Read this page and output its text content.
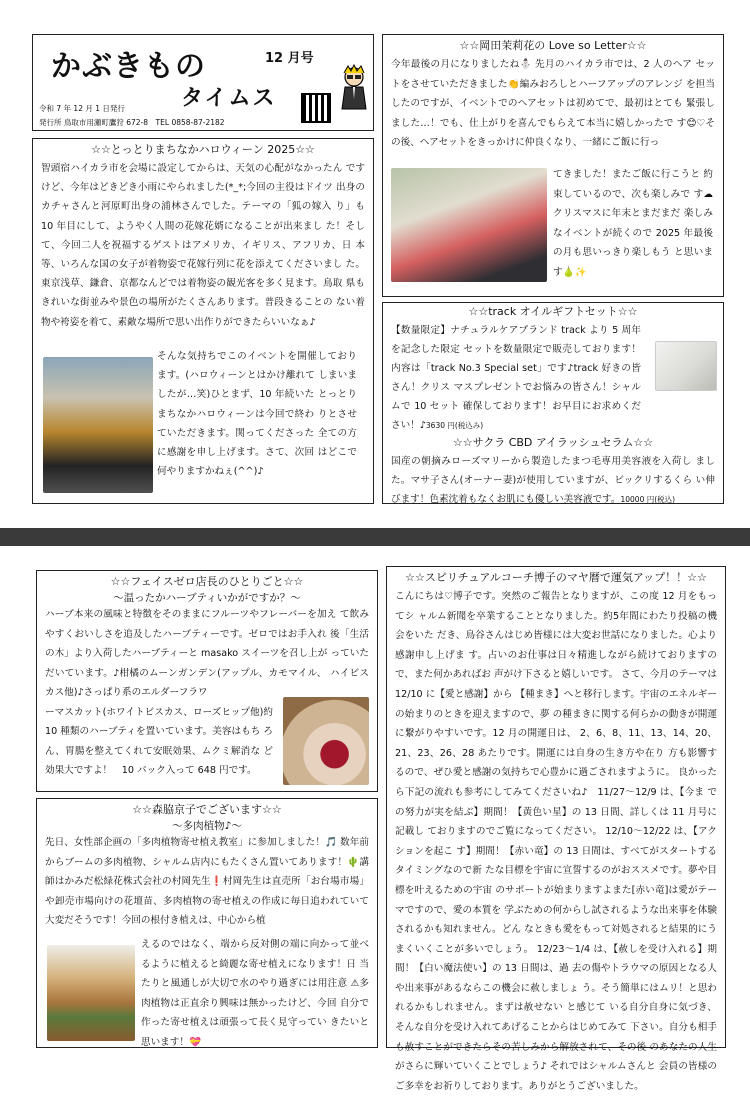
かぶきもの	12 月号
タイムス
令和 7 年 12 月 1 日発行
発行所 鳥取市用瀬町鷹狩 672-8　TEL 0858-87-2182
☆☆とっとりまちなかハロウィーン 2025☆☆

智頭宿ハイカラ市を会場に設定してからは、天気の心配がなかったん ですけど、今年はどきどき小雨にやられました(*_*;今回の主役はドイツ 出身のカチャさんと河原町出身の浦林さんでした。テーマの「狐の嫁入 り」も 10 年目にして、ようやく人間の花嫁花婿になることが出来まし た！そして、今回二人を祝福するゲストはアメリカ、イギリス、アフリカ、日 本等、いろんな国の女子が着物姿で花嫁行列に花を添えてくださいまし た。東京浅草、鎌倉、京都なんどでは着物姿の観光客を多く見ます。鳥取 県もきれいな街並みや景色の場所がたくさんあります。普段きることの ない着物や袴姿を着て、素敵な場所で思い出作りができたらいいなぁ♪

そんな気持ちでこのイベントを開催しており ます。(ハロウィーンとはかけ離れて しまいましたが…笑)ひとまず、10 年続いた とっとりまちなかハロウィーンは今回で終わ りとさせていただきます。関ってくださった 全ての方に感謝を申し上げます。さて、次回 はどこで何やりますかねぇ(^^)♪

☆☆岡田茉莉花の Love so Letter☆☆

今年最後の月になりましたね⛄ 先月のハイカラ市では、2 人のヘア セットをさせていただきました👏編みおろしとハーフアップのアレンジ を担当したのですが、イベントでのヘアセットは初めてで、最初はとても 緊張しました…！でも、仕上がりを喜んでもらえて本当に嬉しかったで す😊♡その後、ヘアセットをきっかけに仲良くなり、一緒にご飯に行っ

てきました！またご飯に行こうと 約束しているので、次も楽しみで す☁ クリスマスに年末とまだまだ 楽しみなイベントが続くので 2025 年最後の月も思いっきり楽しもう と思います🍐✨

☆☆track オイルギフトセット☆☆

【数量限定】ナチュラルケアブランド track より 5 周年を記念した限定 セットを数量限定で販売しております！内容は「track No.3 Special set」です♪track 好きの皆さん！クリス マスプレゼントでお悩みの皆さん！シャルムで 10 セット 確保しております！お早目にお求めください！♪3630 円(税込み)

☆☆サクラ CBD アイラッシュセラム☆☆

国産の朝摘みローズマリーから製造したまつ毛専用美容液を入荷し ました。マサ子さん(オーナー妻)が使用していますが、ビックリするくら い伸びます！色素沈着もなくお肌にも優しい美容液です。10000 円(税込)

☆☆フェイスゼロ店長のひとりごと☆☆
～温ったかハーブティいかがですか？～

ハーブ本来の風味と特徴をそのままにフルーツやフレーバーを加え て飲みやすくおいしさを追及したハーブティーです。ゼロではお手入れ 後「生活の木」より入荷したハーブティーと masako スイーツを召し上が っていただいています。♪柑橘のムーンガンデン(アップル、カモマイル、 ハイビスカス他)♪さっぱり系のエルダーフラワ

ーマスカット(ホワイトビスカス、ローズヒップ他)約 10 種類のハーブティを置いています。美容はもち ろん、胃腸を整えてくれて安眠効果、ムクミ解消な ど効果大ですよ！　10 パック入って 648 円です。

☆☆森脇京子でございます☆☆
～多肉植物♪～

先日、女性部企画の「多肉植物寄せ植え教室」に参加しました！🎵 数年前からブームの多肉植物、シャルム店内にもたくさん置いてあります！🌵講師はかみだ松緑花株式会社の村岡先生❗村岡先生は直売所「お台場市場」や卸売市場向けの花壇苗、多肉植物の寄せ植えの作成に毎日追われていて大変だそうです！今回の根付き植えは、中心から植

えるのではなく、端から反対側の端に向かって並べ るように植えると綺麗な寄せ植えになります！日 当たりと風通しが大切で水のやり過ぎには用注意 ⚠多肉植物は正直余り興味は無かったけど、今回 自分で作った寄せ植えは頑張って長く見守ってい きたいと思います！💝

☆☆スピリチュアルコーチ博子のマヤ暦で運気アップ！！☆☆

こんにちは♡博子です。突然のご報告となりますが、この度 12 月をもってシ ャルム新聞を卒業することとなりました。約5年間にわたり投稿の機会をいた だき、鳥谷さんはじめ皆様には大変お世話になりました。心より感謝申し上げま す。占いのお仕事は日々精進しながら続けておりますので、また何かあればお 声がけ下さると嬉しいです。 さて、今月のテーマは 12/10 に【愛と感謝】から 【種まき】へと移行します。宇宙のエネルギーの始まりのときを迎えますので、夢 の種まきに関する何らかの動きが開運に繋がりやすいです。12 月の開運日は、 2、6、8、11、13、14、20、21、23、26、28 あたりです。開運には自身の生き方や在り 方も影響するので、ぜひ愛と感謝の気持ちで心豊かに過ごされますように。 良かったら下記の流れも参考にしてみてくださいね♪　11/27～12/9 は、【今ま での努力が実を結ぶ】期間！【黄色い星】の 13 日間、詳しくは 11 月号に記載し ておりますのでご覧になってください。 12/10～12/22 は、【アクションを起こ す】期間！【赤い竜】の 13 日間は、すべてがスタートするタイミングなので新 たな目標を宇宙に宣誓するのがおススメです。夢や目標を叶えるための宇宙 のサポートが始まりますよまた[赤い竜]は愛がテーマですので、愛の本質を 学ぶための何からし試されるような出来事を体験されるかも知れません。どん なときも愛をもって対処されると結果的にうまくいくことが多いでしょう。 12/23～1/4 は、【赦しを受け入れる】期間！【白い魔法使い】の 13 日間は、過 去の傷やトラウマの原因となる人や出来事があるならこの機会に赦しましょ う。そう簡単にはムリ！と思われるかもしれません。まずは赦せない と感じて いる自分自身に気づき、そんな自分を受け入れてあげることからはじめてみて 下さい。自分も相手も赦すことができたらその苦しみから解放されて、その後 のあなたの人生がさらに輝いていくことでしょう♪ それではシャルムさんと 会員の皆様のご多幸をお祈りしております。ありがとうございました。
